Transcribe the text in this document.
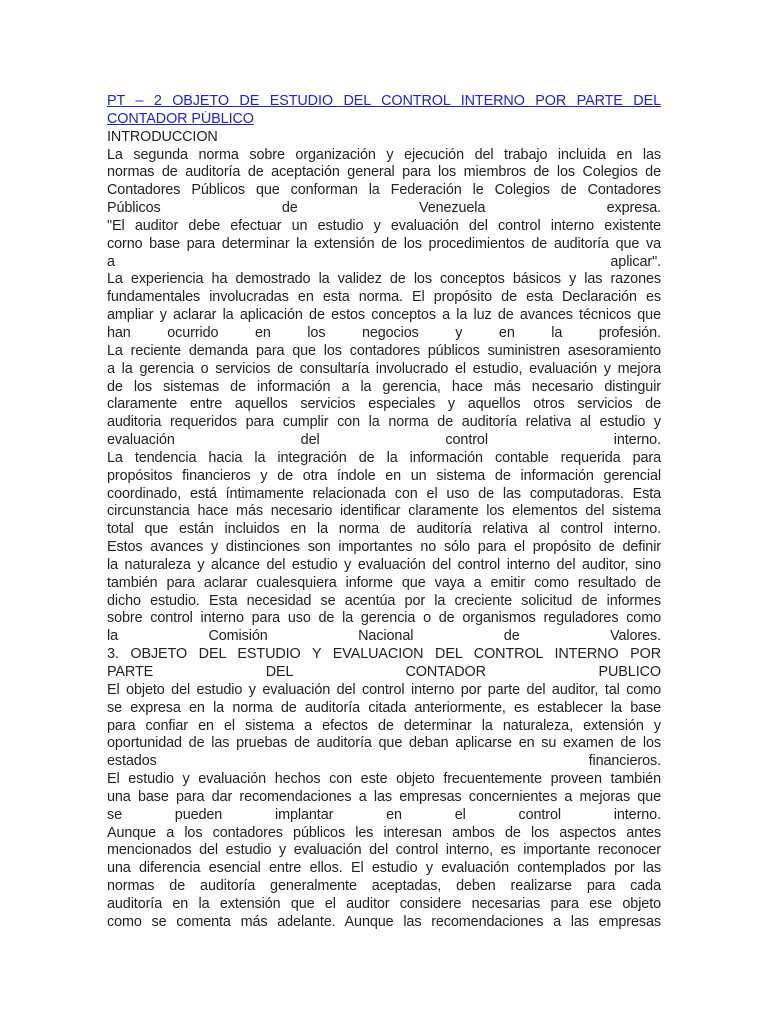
PT – 2 OBJETO DE ESTUDIO DEL CONTROL INTERNO POR PARTE DEL
CONTADOR PÚBLICO
INTRODUCCION
La segunda norma sobre organización y ejecución del trabajo incluida en las
normas de auditoría de aceptación general para los miembros de los Colegios de
Contadores Públicos que conforman la Federación le Colegios de Contadores
Públicos de Venezuela expresa.
"El auditor debe efectuar un estudio y evaluación del control interno existente
corno base para determinar la extensión de los procedimientos de auditoría que va
a aplicar".
La experiencia ha demostrado la validez de los conceptos básicos y las razones
fundamentales involucradas en esta norma. El propósito de esta Declaración es
ampliar y aclarar la aplicación de estos conceptos a la luz de avances técnicos que
han ocurrido en los negocios y en la profesión.
La reciente demanda para que los contadores públicos suministren asesoramiento
a la gerencia o servicios de consultaría involucrado el estudio, evaluación y mejora
de los sistemas de información a la gerencia, hace más necesario distinguir
claramente entre aquellos servicios especiales y aquellos otros servicios de
auditoria requeridos para cumplir con la norma de auditoría relativa al estudio y
evaluación del control interno.
La tendencia hacia la integración de la información contable requerida para
propósitos financieros y de otra índole en un sistema de información gerencial
coordinado, está íntimamente relacionada con el uso de las computadoras. Esta
circunstancia hace más necesario identificar claramente los elementos del sistema
total que están incluidos en la norma de auditoría relativa al control interno.
Estos avances y distinciones son importantes no sólo para el propósito de definir
la naturaleza y alcance del estudio y evaluación del control interno del auditor, sino
también para aclarar cualesquiera informe que vaya a emitir como resultado de
dicho estudio. Esta necesidad se acentúa por la creciente solicitud de informes
sobre control interno para uso de la gerencia o de organismos reguladores como
la Comisión Nacional de Valores.
3. OBJETO DEL ESTUDIO Y EVALUACION DEL CONTROL INTERNO POR
PARTE DEL CONTADOR PUBLICO
El objeto del estudio y evaluación del control interno por parte del auditor, tal como
se expresa en la norma de auditoría citada anteriormente, es establecer la base
para confiar en el sistema a efectos de determinar la naturaleza, extensión y
oportunidad de las pruebas de auditoría que deban aplicarse en su examen de los
estados financieros.
El estudio y evaluación hechos con este objeto frecuentemente proveen también
una base para dar recomendaciones a las empresas concernientes a mejoras que
se pueden implantar en el control interno.
Aunque a los contadores públicos les interesan ambos de los aspectos antes
mencionados del estudio y evaluación del control interno, es importante reconocer
una diferencia esencial entre ellos. El estudio y evaluación contemplados por las
normas de auditoría generalmente aceptadas, deben realizarse para cada
auditoría en la extensión que el auditor considere necesarias para ese objeto
como se comenta más adelante. Aunque las recomendaciones a las empresas
